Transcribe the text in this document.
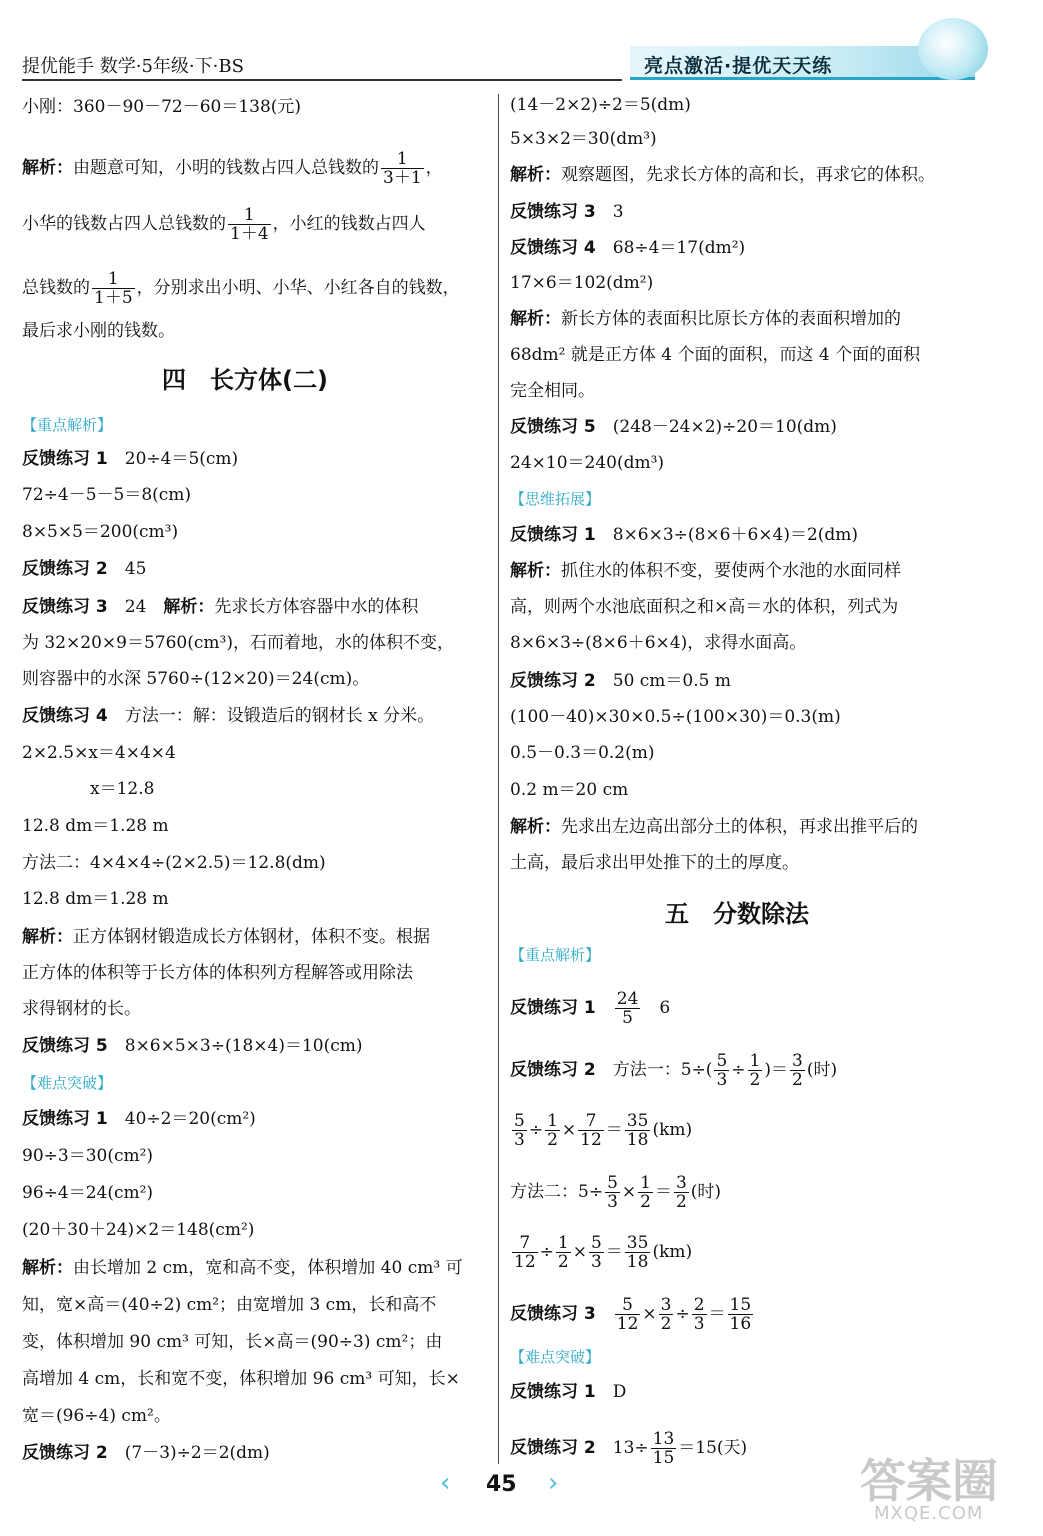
提优能手 数学·5年级·下·BS	亮点激活·提优天天练
小刚：360－90－72－60＝138(元)
解析：由题意可知，小明的钱数占四人总钱数的 $\frac{1}{3+1}$ ，
小华的钱数占四人总钱数的 $\frac{1}{1+4}$ ，小红的钱数占四人
总钱数的 $\frac{1}{1+5}$ ，分别求出小明、小华、小红各自的钱数，
最后求小刚的钱数。
四　长方体(二)
【重点解析】
反馈练习 1　 20÷4＝5(cm)
72÷4－5－5＝8(cm)
8×5×5＝200(cm³)
反馈练习 2　 45
反馈练习 3　 24　解析：先求长方体容器中水的体积
为 32×20×9＝5760(cm³)，石而着地，水的体积不变，
则容器中的水深 5760÷(12×20)＝24(cm)。
反馈练习 4　 方法一：解：设锻造后的钢材长 x 分米。
2×2.5×x＝4×4×4
x＝12.8
12.8 dm＝1.28 m
方法二：4×4×4÷(2×2.5)＝12.8(dm)
12.8 dm＝1.28 m
解析：正方体钢材锻造成长方体钢材，体积不变。根据
正方体的体积等于长方体的体积列方程解答或用除法
求得钢材的长。
反馈练习 5　 8×6×5×3÷(18×4)＝10(cm)
【难点突破】
反馈练习 1　 40÷2＝20(cm²)
90÷3＝30(cm²)
96÷4＝24(cm²)
(20＋30＋24)×2＝148(cm²)
解析：由长增加 2 cm，宽和高不变，体积增加 40 cm³ 可
知，宽×高＝(40÷2) cm²；由宽增加 3 cm，长和高不
变，体积增加 90 cm³ 可知，长×高＝(90÷3) cm²；由
高增加 4 cm，长和宽不变，体积增加 96 cm³ 可知，长×
宽＝(96÷4) cm²。
反馈练习 2　 (7－3)÷2＝2(dm)
(14－2×2)÷2＝5(dm)
5×3×2＝30(dm³)
解析：观察题图，先求长方体的高和长，再求它的体积。
反馈练习 3　 3
反馈练习 4　 68÷4＝17(dm²)
17×6＝102(dm²)
解析：新长方体的表面积比原长方体的表面积增加的
68dm² 就是正方体 4 个面的面积，而这 4 个面的面积
完全相同。
反馈练习 5　 (248－24×2)÷20＝10(dm)
24×10＝240(dm³)
【思维拓展】
反馈练习 1　 8×6×3÷(8×6＋6×4)＝2(dm)
解析：抓住水的体积不变，要使两个水池的水面同样
高，则两个水池底面积之和×高＝水的体积，列式为
8×6×3÷(8×6＋6×4)，求得水面高。
反馈练习 2　 50 cm＝0.5 m
(100－40)×30×0.5÷(100×30)＝0.3(m)
0.5－0.3＝0.2(m)
0.2 m＝20 cm
解析：先求出左边高出部分土的体积，再求出推平后的
土高，最后求出甲处推下的土的厚度。
五　分数除法
【重点解析】
反馈练习 1　 $\frac{24}{5}$
　 6
反馈练习 2　 方法一：$5\div( \frac{5}{3} \div \frac{1}{2}$ )＝ $\frac{3}{2}$ (时)
$\frac{5}{3} \div \frac{1}{2} \times \frac{7}{12} = \frac{35}{18} (km)$
方法二：$5\div \frac{5}{3} \times \frac{1}{2} = \frac{3}{2}$ (时)
$\frac{7}{12} \div \frac{1}{2} \times \frac{5}{3} = \frac{35}{18} (km)$
反馈练习 3　 $\frac{5}{12} \times \frac{3}{2} \div \frac{2}{3} = \frac{15}{16}$
【难点突破】
反馈练习 1　 D
反馈练习 2　 $13\div \frac{13}{15} =15$(天)
‹ 45 ›	答案圈
MXQE.COM
